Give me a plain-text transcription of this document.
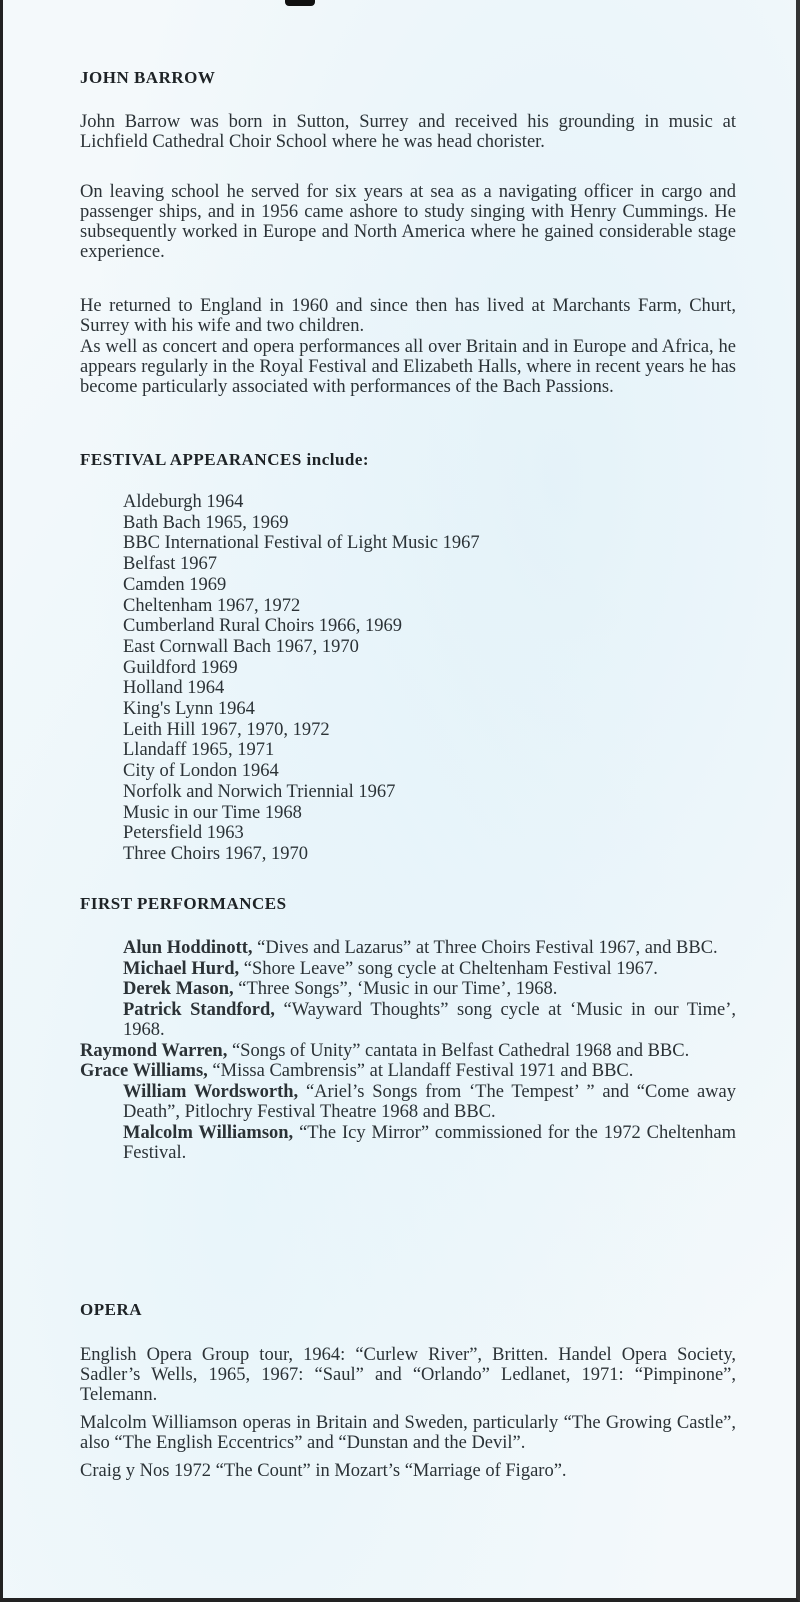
JOHN BARROW

John Barrow was born in Sutton, Surrey and received his grounding in music at Lichfield Cathedral Choir School where he was head chorister.

On leaving school he served for six years at sea as a navigating officer in cargo and passenger ships, and in 1956 came ashore to study singing with Henry Cummings. He subsequently worked in Europe and North America where he gained considerable stage experience.

He returned to England in 1960 and since then has lived at Marchants Farm, Churt, Surrey with his wife and two children.

As well as concert and opera performances all over Britain and in Europe and Africa, he appears regularly in the Royal Festival and Elizabeth Halls, where in recent years he has become particularly associated with performances of the Bach Passions.

FESTIVAL APPEARANCES include:
Aldeburgh 1964
Bath Bach 1965, 1969
BBC International Festival of Light Music 1967
Belfast 1967
Camden 1969
Cheltenham 1967, 1972
Cumberland Rural Choirs 1966, 1969
East Cornwall Bach 1967, 1970
Guildford 1969
Holland 1964
King's Lynn 1964
Leith Hill 1967, 1970, 1972
Llandaff 1965, 1971
City of London 1964
Norfolk and Norwich Triennial 1967
Music in our Time 1968
Petersfield 1963
Three Choirs 1967, 1970
FIRST PERFORMANCES
Alun Hoddinott, “Dives and Lazarus” at Three Choirs Festival 1967, and BBC.
Michael Hurd, “Shore Leave” song cycle at Cheltenham Festival 1967.
Derek Mason, “Three Songs”, ‘Music in our Time’, 1968.
Patrick Standford, “Wayward Thoughts” song cycle at ‘Music in our Time’, 1968.
Raymond Warren, “Songs of Unity” cantata in Belfast Cathedral 1968 and BBC.
Grace Williams, “Missa Cambrensis” at Llandaff Festival 1971 and BBC.
William Wordsworth, “Ariel’s Songs from ‘The Tempest’ ” and “Come away Death”, Pitlochry Festival Theatre 1968 and BBC.
Malcolm Williamson, “The Icy Mirror” commissioned for the 1972 Cheltenham Festival.
OPERA

English Opera Group tour, 1964: “Curlew River”, Britten. Handel Opera Society, Sadler’s Wells, 1965, 1967: “Saul” and “Orlando” Ledlanet, 1971: “Pimpinone”, Telemann.

Malcolm Williamson operas in Britain and Sweden, particularly “The Growing Castle”, also “The English Eccentrics” and “Dunstan and the Devil”.

Craig y Nos 1972 “The Count” in Mozart’s “Marriage of Figaro”.
